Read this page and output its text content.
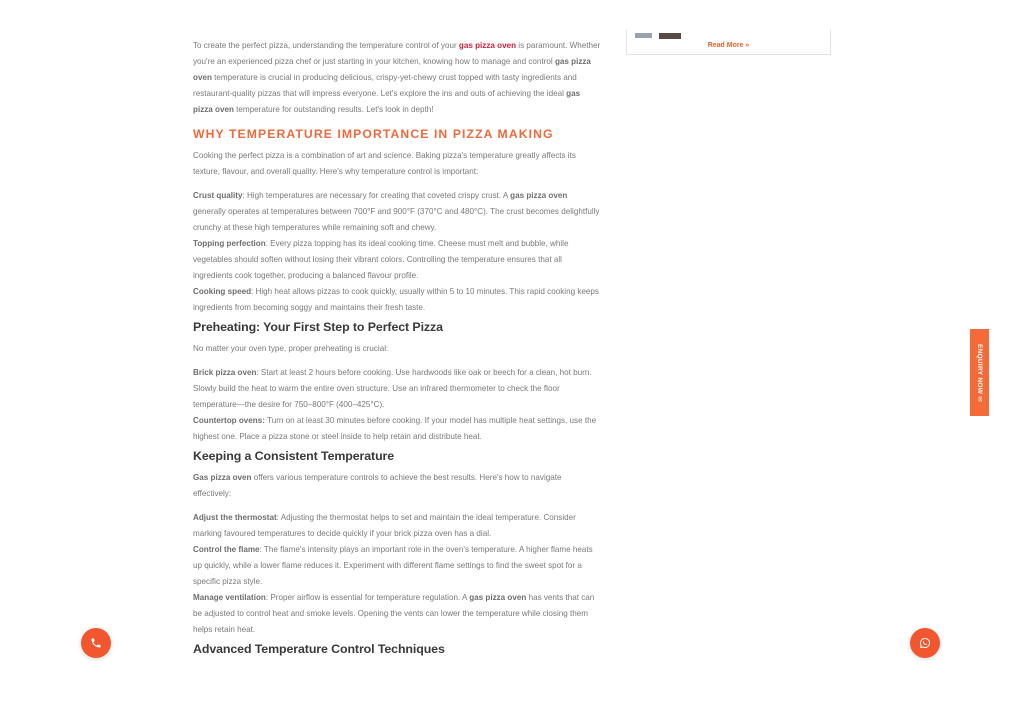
Read More »

To create the perfect pizza, understanding the temperature control of your gas pizza oven is paramount. Whether you're an experienced pizza chef or just starting in your kitchen, knowing how to manage and control gas pizza oven temperature is crucial in producing delicious, crispy-yet-chewy crust topped with tasty ingredients and restaurant-quality pizzas that will impress everyone. Let's explore the ins and outs of achieving the ideal gas pizza oven temperature for outstanding results. Let's look in depth!

WHY TEMPERATURE IMPORTANCE IN PIZZA MAKING

Cooking the perfect pizza is a combination of art and science. Baking pizza's temperature greatly affects its texture, flavour, and overall quality. Here's why temperature control is important:

Crust quality: High temperatures are necessary for creating that coveted crispy crust. A gas pizza oven generally operates at temperatures between 700°F and 900°F (370°C and 480°C). The crust becomes delightfully crunchy at these high temperatures while remaining soft and chewy.

Topping perfection: Every pizza topping has its ideal cooking time. Cheese must melt and bubble, while vegetables should soften without losing their vibrant colors. Controlling the temperature ensures that all ingredients cook together, producing a balanced flavour profile.

Cooking speed: High heat allows pizzas to cook quickly, usually within 5 to 10 minutes. This rapid cooking keeps ingredients from becoming soggy and maintains their fresh taste.

Preheating: Your First Step to Perfect Pizza

No matter your oven type, proper preheating is crucial:

Brick pizza oven: Start at least 2 hours before cooking. Use hardwoods like oak or beech for a clean, hot burn. Slowly build the heat to warm the entire oven structure. Use an infrared thermometer to check the floor temperature—the desire for 750–800°F (400–425°C).

Countertop ovens: Turn on at least 30 minutes before cooking. If your model has multiple heat settings, use the highest one. Place a pizza stone or steel inside to help retain and distribute heat.

Keeping a Consistent Temperature

Gas pizza oven offers various temperature controls to achieve the best results. Here's how to navigate effectively:

Adjust the thermostat: Adjusting the thermostat helps to set and maintain the ideal temperature. Consider marking favoured temperatures to decide quickly if your brick pizza oven has a dial.

Control the flame: The flame's intensity plays an important role in the oven's temperature. A higher flame heats up quickly, while a lower flame reduces it. Experiment with different flame settings to find the sweet spot for a specific pizza style.

Manage ventilation: Proper airflow is essential for temperature regulation. A gas pizza oven has vents that can be adjusted to control heat and smoke levels. Opening the vents can lower the temperature while closing them helps retain heat.

Advanced Temperature Control Techniques
ENQUIRY NOW ✉
